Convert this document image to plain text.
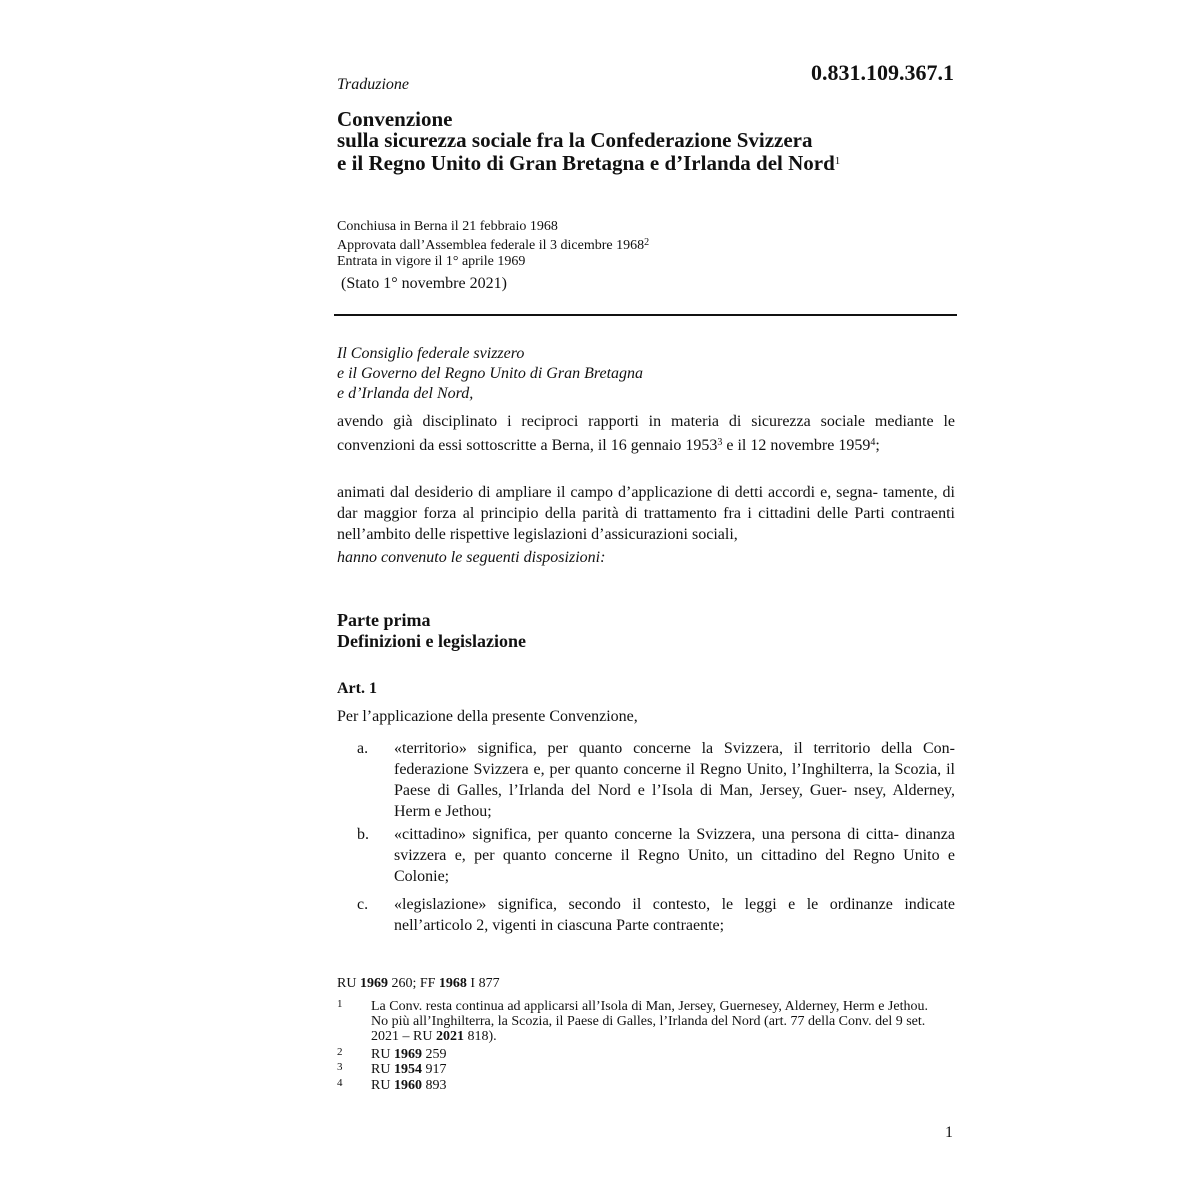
0.831.109.367.1
Traduzione
Convenzione
sulla sicurezza sociale fra la Confederazione Svizzera
e il Regno Unito di Gran Bretagna e d’Irlanda del Nord$^1$
Conchiusa in Berna il 21 febbraio 1968
Approvata dall’Assemblea federale il 3 dicembre 1968$^2$
Entrata in vigore il 1° aprile 1969
(Stato 1° novembre 2021)
Il Consiglio federale svizzero
e il Governo del Regno Unito di Gran Bretagna
e d’Irlanda del Nord,
avendo già disciplinato i reciproci rapporti in materia di sicurezza sociale mediante le convenzioni da essi sottoscritte a Berna, il 16 gennaio 1953$^3$ e il 12 novembre 1959$^4$;
animati dal desiderio di ampliare il campo d’applicazione di detti accordi e, segna- tamente, di dar maggior forza al principio della parità di trattamento fra i cittadini delle Parti contraenti nell’ambito delle rispettive legislazioni d’assicurazioni sociali,
hanno convenuto le seguenti disposizioni:
Parte prima
Definizioni e legislazione
Art. 1
Per l’applicazione della presente Convenzione,
a.	«territorio» significa, per quanto concerne la Svizzera, il territorio della Con- federazione Svizzera e, per quanto concerne il Regno Unito, l’Inghilterra, la Scozia, il Paese di Galles, l’Irlanda del Nord e l’Isola di Man, Jersey, Guer- nsey, Alderney, Herm e Jethou;
b.	«cittadino» significa, per quanto concerne la Svizzera, una persona di citta- dinanza svizzera e, per quanto concerne il Regno Unito, un cittadino del Regno Unito e Colonie;
c.	«legislazione» significa, secondo il contesto, le leggi e le ordinanze indicate nell’articolo 2, vigenti in ciascuna Parte contraente;
RU 1969 260; FF 1968 I 877
1 La Conv. resta continua ad applicarsi all’Isola di Man, Jersey, Guernesey, Alderney, Herm e Jethou. No più all’Inghilterra, la Scozia, il Paese di Galles, l’Irlanda del Nord (art. 77 della Conv. del 9 set. 2021 – RU 2021 818).
2 RU 1969 259
3 RU 1954 917
4 RU 1960 893
1
